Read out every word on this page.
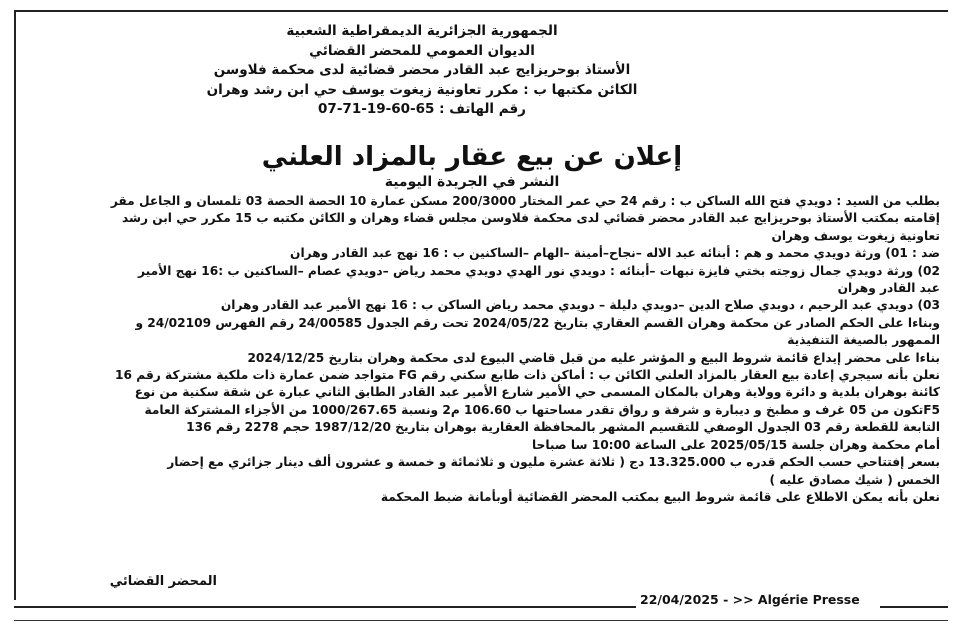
الجمهورية الجزائرية الديمقراطية الشعبية
الديوان العمومي للمحضر القضائي
الأستاذ بوحريزايج عبد القادر محضر قضائية لدى محكمة فلاوسن
الكائن مكتبها ب : مكرر تعاونية زيغوت يوسف حي ابن رشد وهران
رقم الهاتف : 65-60-19-71-07
إعلان عن بيع عقار بالمزاد العلني
النشر في الجريدة اليومية
بطلب من السيد : دويدي فتح الله الساكن ب : رقم 24 حي عمر المختار 200/3000 مسكن عمارة 10 الحصة الحصة 03 تلمسان و الجاعل مقر
إقامته بمكتب الأستاذ بوحريزايج عبد القادر محضر قضائي لدى محكمة فلاوسن مجلس قضاء وهران و الكائن مكتبه ب 15 مكرر حي ابن رشد
تعاونية زيغوت يوسف وهران
ضد : 01) ورثة دويدي محمد و هم : أبنائه عبد الاله –نجاح–أمينة –الهام –الساكنين ب : 16 نهج عبد القادر وهران
02) ورثة دويدي جمال زوجته بختي فايزة نبهات –أبنائه : دويدي نور الهدي دويدي محمد رياض –دويدي عصام –الساكنين ب :16 نهج الأمير
عبد القادر وهران
03) دويدي عبد الرحيم ، دويدي صلاح الدين –دويدي دليلة – دويدي محمد رياض الساكن ب : 16 نهج الأمير عبد القادر وهران
وبناءا على الحكم الصادر عن محكمة وهران القسم العقاري بتاريخ 2024/05/22 تحت رقم الجدول 24/00585 رقم الفهرس 24/02109 و
الممهور بالصيغة التنفيذية
بناءا على محضر إيداع قائمة شروط البيع و المؤشر عليه من قبل قاضي البيوع لدى محكمة وهران بتاريخ 2024/12/25
نعلن بأنه سيجري إعادة بيع العقار بالمزاد العلني الكائن ب : أماكن ذات طابع سكني رقم FG متواجد ضمن عمارة ذات ملكية مشتركة رقم 16
كائنة بوهران بلدية و دائرة وولاية وهران بالمكان المسمى حي الأمير شارع الأمير عبد القادر الطابق الثاني عبارة عن شقة سكنية من نوع
F5تكون من 05 غرف و مطبخ و ديبارة و شرفة و رواق تقدر مساحتها ب 106.60 م2 ونسبة 1000/267.65 من الأجزاء المشتركة العامة
التابعة للقطعة رقم 03 الجدول الوصفي للتقسيم المشهر بالمحافظة العقارية بوهران بتاريخ 1987/12/20 حجم 2278 رقم 136
أمام محكمة وهران جلسة 2025/05/15 على الساعة 10:00 سا صباحا
بسعر إفتتاحي حسب الحكم قدره ب 13.325.000 دج ( ثلاثة عشرة مليون و ثلاثمائة و خمسة و عشرون ألف دينار جزائري مع إحضار
الخمس ( شيك مصادق عليه )
نعلن بأنه يمكن الاطلاع على قائمة شروط البيع بمكتب المحضر القضائية أوبأمانة ضبط المحكمة
المحضر القضائي
22/04/2025 - >> Algérie Presse
